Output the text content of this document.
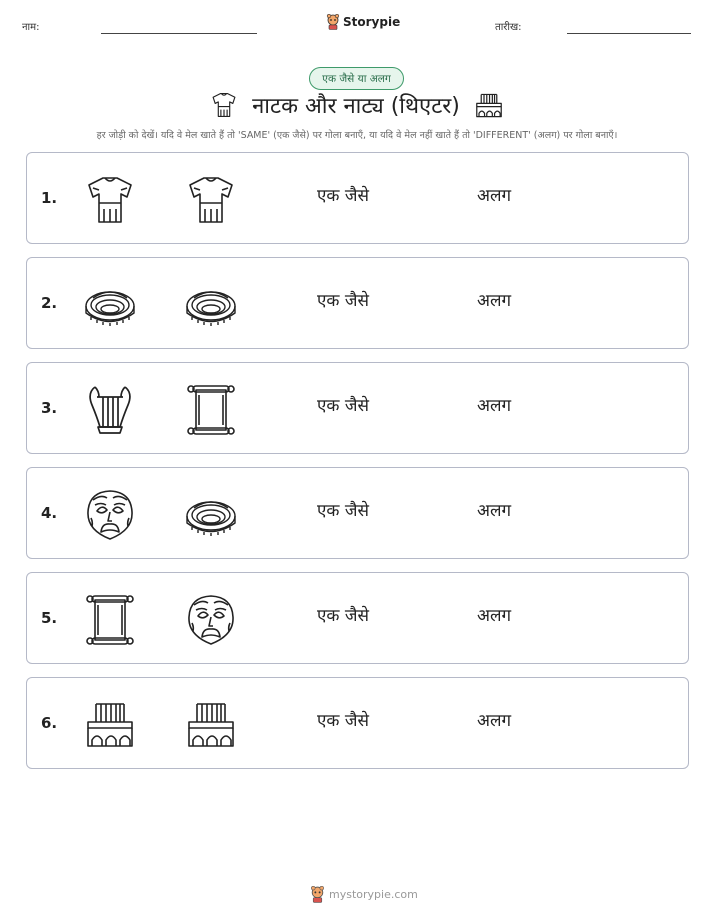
नाम:	Storypie	तारीख:
एक जैसे या अलग
नाटक और नाट्य (थिएटर)
हर जोड़ी को देखें। यदि वे मेल खाते हैं तो 'SAME' (एक जैसे) पर गोला बनाएँ, या यदि वे मेल नहीं खाते हैं तो 'DIFFERENT' (अलग) पर गोला बनाएँ।
1.	एक जैसे	अलग
2.	एक जैसे	अलग
3.	एक जैसे	अलग
4.	एक जैसे	अलग
5.	एक जैसे	अलग
6.	एक जैसे	अलग
mystorypie.com
